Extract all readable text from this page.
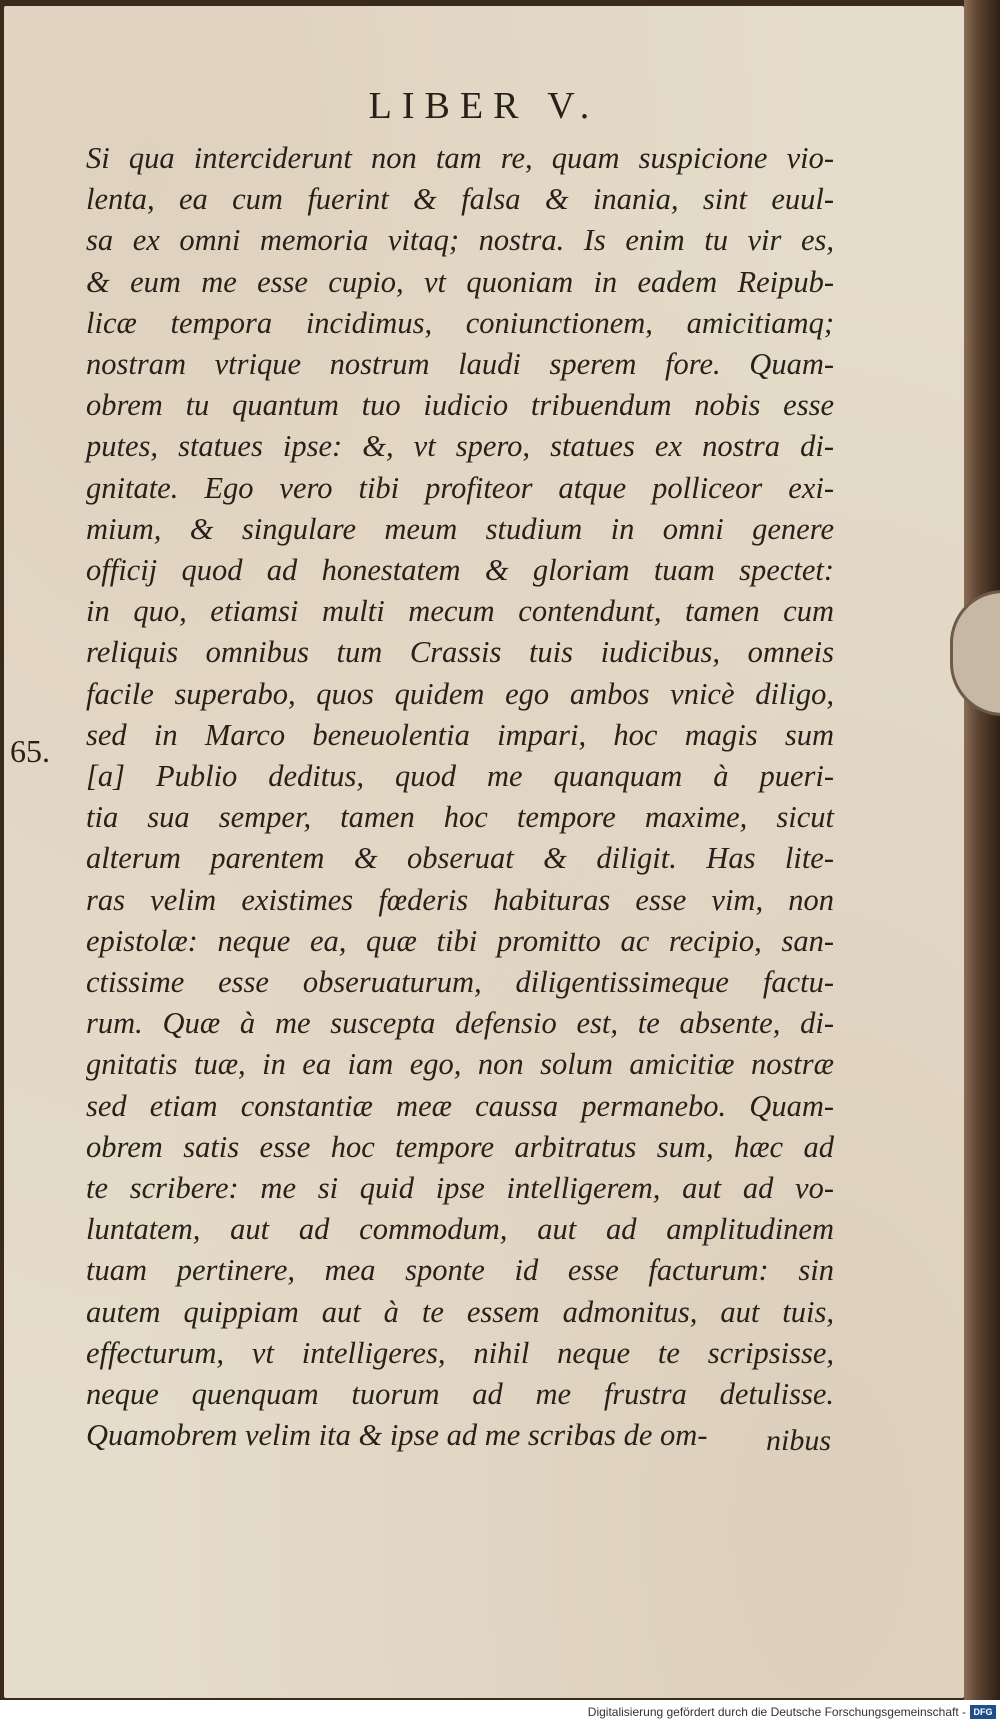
LIBER V.
65.
Si qua interciderunt non tam re, quam suspicione vio-
lenta, ea cum fuerint & falsa & inania, sint euul-
sa ex omni memoria vitaq; nostra. Is enim tu vir es,
& eum me esse cupio, vt quoniam in eadem Reipub-
licæ tempora incidimus, coniunctionem, amicitiamq;
nostram vtrique nostrum laudi sperem fore. Quam-
obrem tu quantum tuo iudicio tribuendum nobis esse
putes, statues ipse: &, vt spero, statues ex nostra di-
gnitate. Ego vero tibi profiteor atque polliceor exi-
mium, & singulare meum studium in omni genere
officij quod ad honestatem & gloriam tuam spectet:
in quo, etiamsi multi mecum contendunt, tamen cum
reliquis omnibus tum Crassis tuis iudicibus, omneis
facile superabo, quos quidem ego ambos vnicè diligo,
sed in Marco beneuolentia impari, hoc magis sum
[a] Publio deditus, quod me quanquam à pueri-
tia sua semper, tamen hoc tempore maxime, sicut
alterum parentem & obseruat & diligit. Has lite-
ras velim existimes fœderis habituras esse vim, non
epistolæ: neque ea, quæ tibi promitto ac recipio, san-
ctissime esse obseruaturum, diligentissimeque factu-
rum. Quæ à me suscepta defensio est, te absente, di-
gnitatis tuæ, in ea iam ego, non solum amicitiæ nostræ
sed etiam constantiæ meæ caussa permanebo. Quam-
obrem satis esse hoc tempore arbitratus sum, hæc ad
te scribere: me si quid ipse intelligerem, aut ad vo-
luntatem, aut ad commodum, aut ad amplitudinem
tuam pertinere, mea sponte id esse facturum: sin
autem quippiam aut à te essem admonitus, aut tuis,
effecturum, vt intelligeres, nihil neque te scripsisse,
neque quenquam tuorum ad me frustra detulisse.
Quamobrem velim ita & ipse ad me scribas de om-	nibus
Digitalisierung gefördert durch die Deutsche Forschungsgemeinschaft - DFG
